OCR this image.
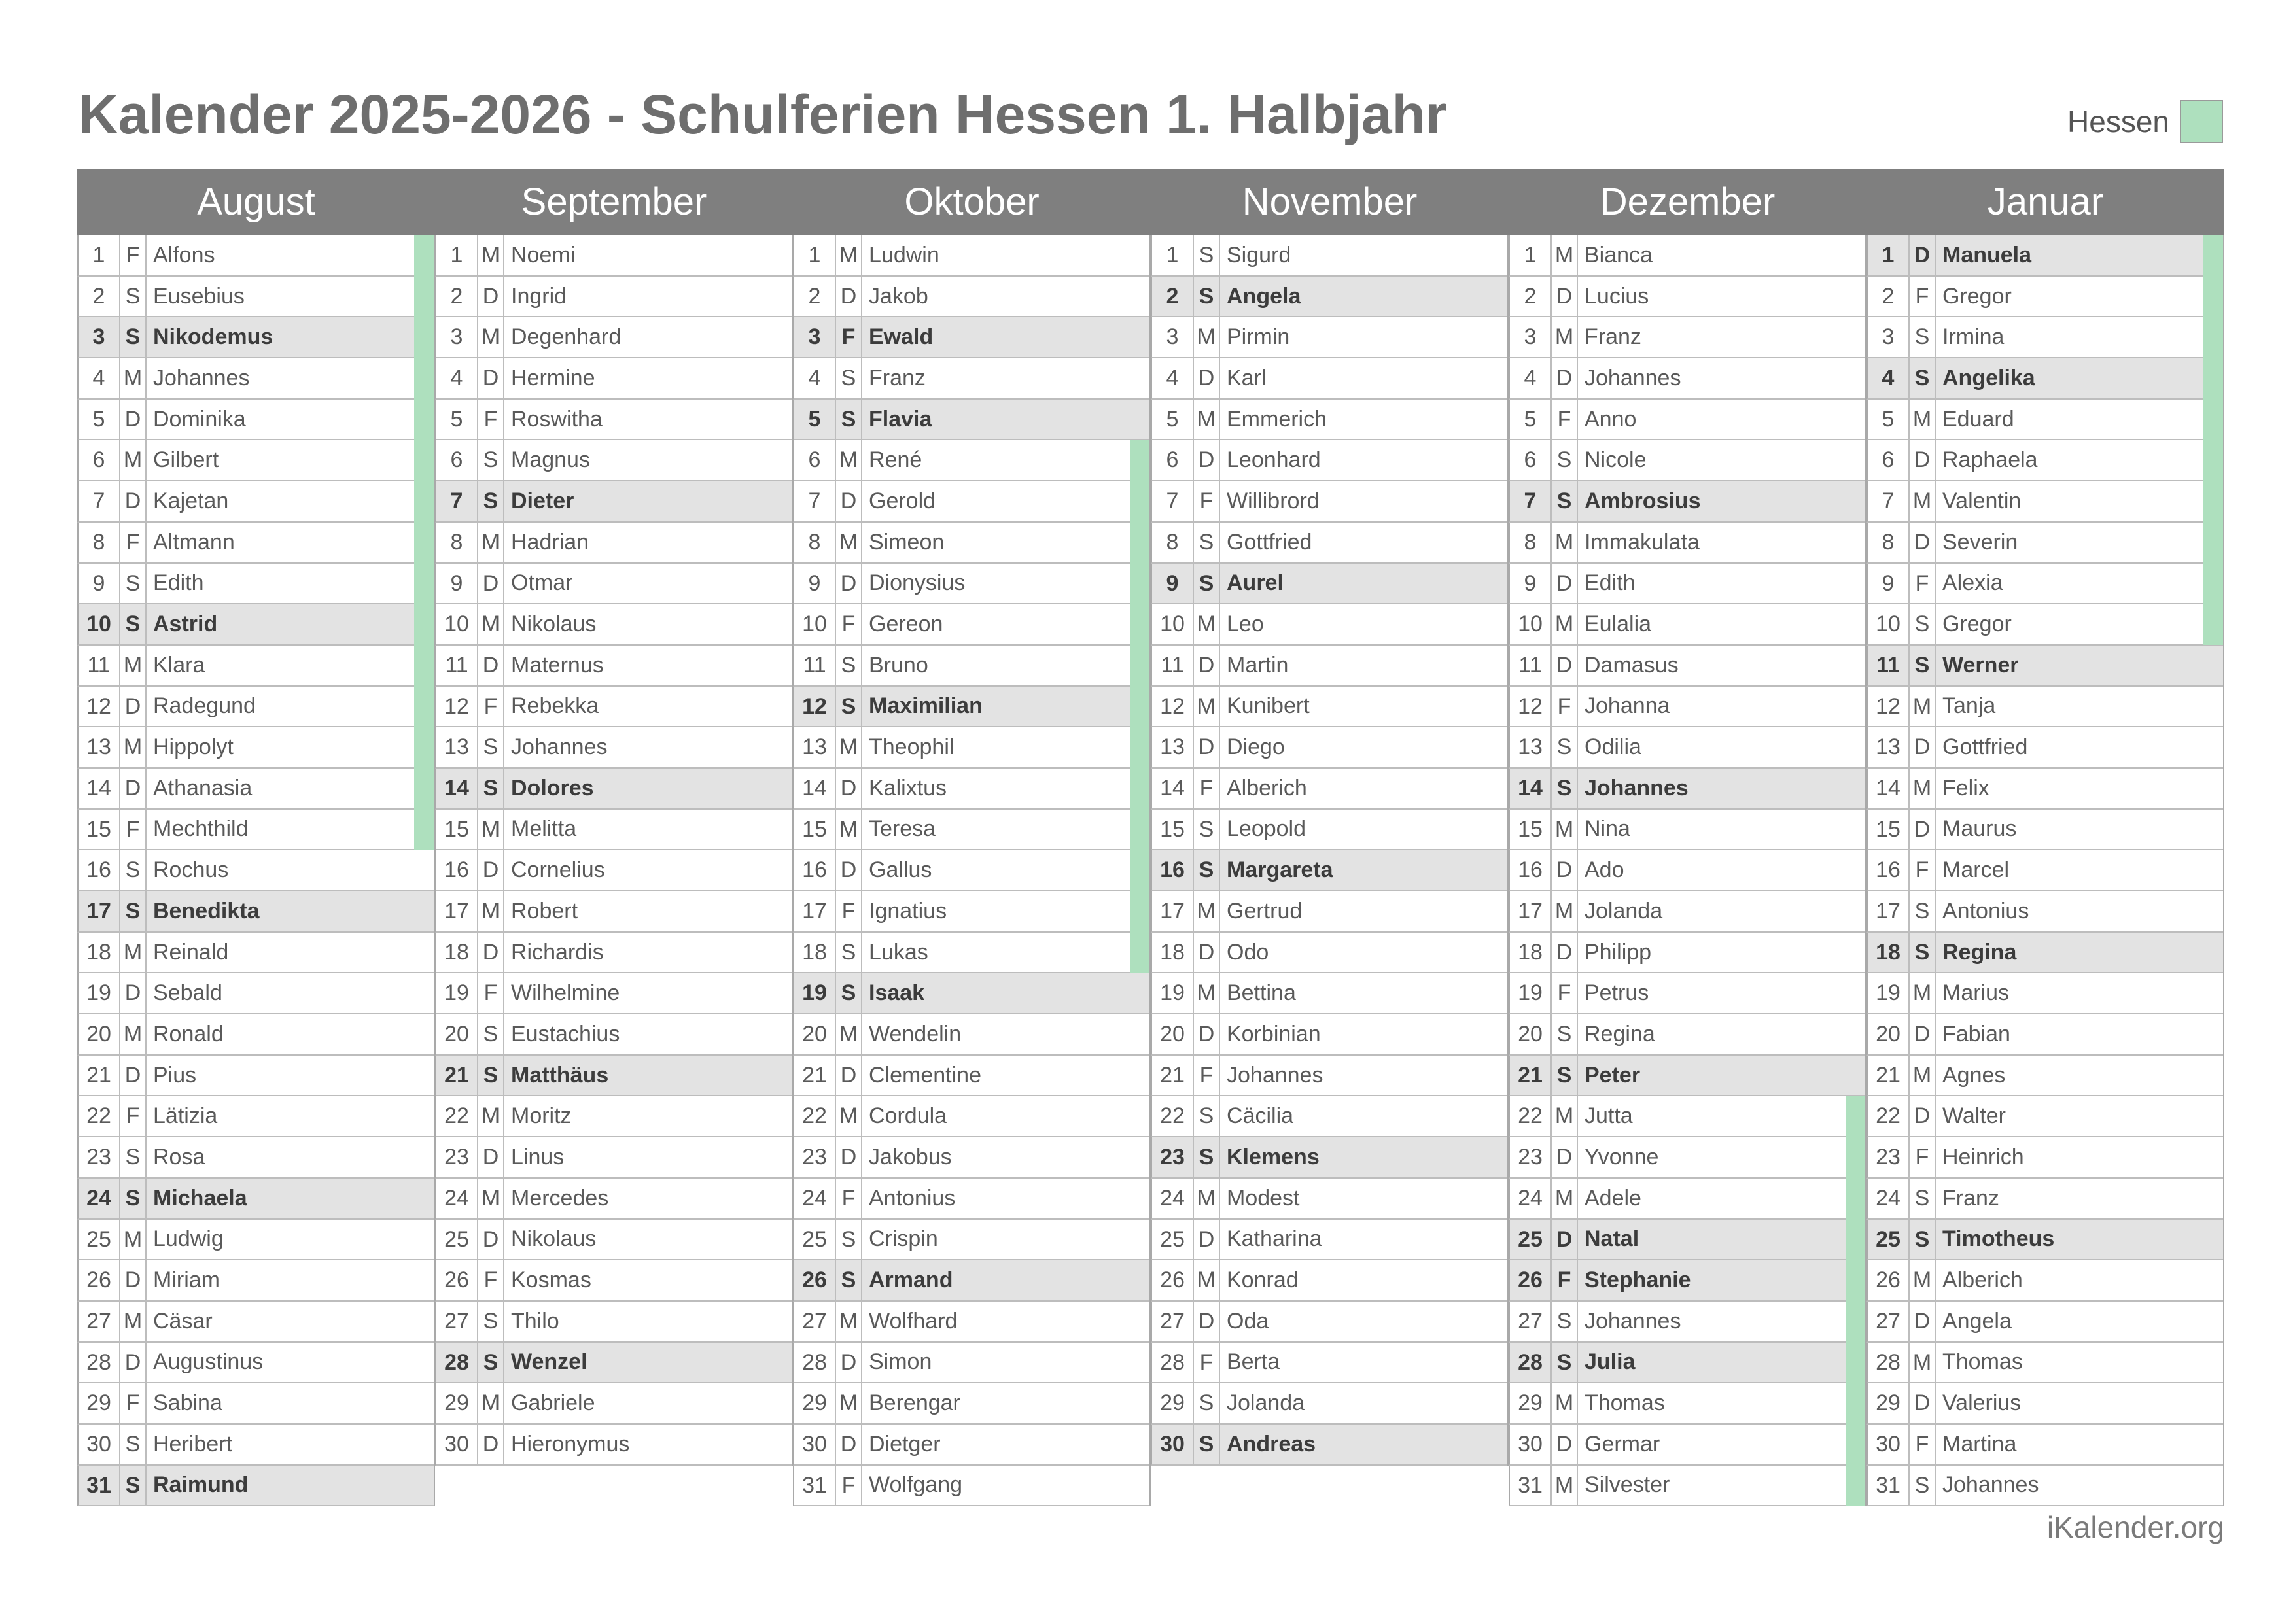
Kalender 2025-2026 - Schulferien Hessen 1. Halbjahr	Hessen
August
1 F Alfons
2 S Eusebius
3 S Nikodemus
4 M Johannes
5 D Dominika
6 M Gilbert
7 D Kajetan
8 F Altmann
9 S Edith
10 S Astrid
11 M Klara
12 D Radegund
13 M Hippolyt
14 D Athanasia
15 F Mechthild
16 S Rochus
17 S Benedikta
18 M Reinald
19 D Sebald
20 M Ronald
21 D Pius
22 F Lätizia
23 S Rosa
24 S Michaela
25 M Ludwig
26 D Miriam
27 M Cäsar
28 D Augustinus
29 F Sabina
30 S Heribert
31 S Raimund
September
1 M Noemi
2 D Ingrid
3 M Degenhard
4 D Hermine
5 F Roswitha
6 S Magnus
7 S Dieter
8 M Hadrian
9 D Otmar
10 M Nikolaus
11 D Maternus
12 F Rebekka
13 S Johannes
14 S Dolores
15 M Melitta
16 D Cornelius
17 M Robert
18 D Richardis
19 F Wilhelmine
20 S Eustachius
21 S Matthäus
22 M Moritz
23 D Linus
24 M Mercedes
25 D Nikolaus
26 F Kosmas
27 S Thilo
28 S Wenzel
29 M Gabriele
30 D Hieronymus
Oktober
1 M Ludwin
2 D Jakob
3 F Ewald
4 S Franz
5 S Flavia
6 M René
7 D Gerold
8 M Simeon
9 D Dionysius
10 F Gereon
11 S Bruno
12 S Maximilian
13 M Theophil
14 D Kalixtus
15 M Teresa
16 D Gallus
17 F Ignatius
18 S Lukas
19 S Isaak
20 M Wendelin
21 D Clementine
22 M Cordula
23 D Jakobus
24 F Antonius
25 S Crispin
26 S Armand
27 M Wolfhard
28 D Simon
29 M Berengar
30 D Dietger
31 F Wolfgang
November
1 S Sigurd
2 S Angela
3 M Pirmin
4 D Karl
5 M Emmerich
6 D Leonhard
7 F Willibrord
8 S Gottfried
9 S Aurel
10 M Leo
11 D Martin
12 M Kunibert
13 D Diego
14 F Alberich
15 S Leopold
16 S Margareta
17 M Gertrud
18 D Odo
19 M Bettina
20 D Korbinian
21 F Johannes
22 S Cäcilia
23 S Klemens
24 M Modest
25 D Katharina
26 M Konrad
27 D Oda
28 F Berta
29 S Jolanda
30 S Andreas
Dezember
1 M Bianca
2 D Lucius
3 M Franz
4 D Johannes
5 F Anno
6 S Nicole
7 S Ambrosius
8 M Immakulata
9 D Edith
10 M Eulalia
11 D Damasus
12 F Johanna
13 S Odilia
14 S Johannes
15 M Nina
16 D Ado
17 M Jolanda
18 D Philipp
19 F Petrus
20 S Regina
21 S Peter
22 M Jutta
23 D Yvonne
24 M Adele
25 D Natal
26 F Stephanie
27 S Johannes
28 S Julia
29 M Thomas
30 D Germar
31 M Silvester
Januar
1 D Manuela
2 F Gregor
3 S Irmina
4 S Angelika
5 M Eduard
6 D Raphaela
7 M Valentin
8 D Severin
9 F Alexia
10 S Gregor
11 S Werner
12 M Tanja
13 D Gottfried
14 M Felix
15 D Maurus
16 F Marcel
17 S Antonius
18 S Regina
19 M Marius
20 D Fabian
21 M Agnes
22 D Walter
23 F Heinrich
24 S Franz
25 S Timotheus
26 M Alberich
27 D Angela
28 M Thomas
29 D Valerius
30 F Martina
31 S Johannes
iKalender.org
